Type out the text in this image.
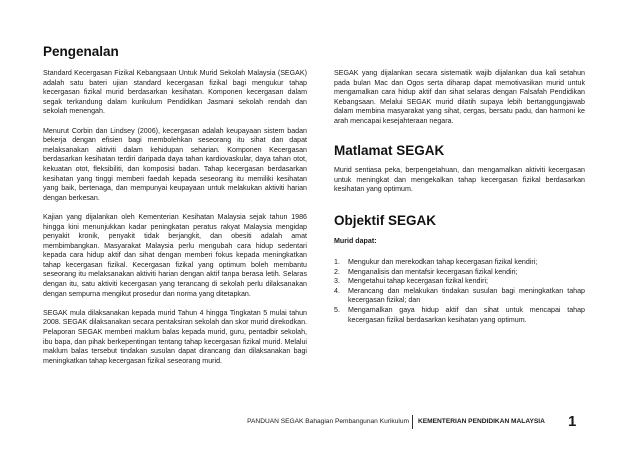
Pengenalan

Standard Kecergasan Fizikal Kebangsaan Untuk Murid Sekolah Malaysia (SEGAK) adalah satu bateri ujian standard kecergasan fizikal bagi mengukur tahap kecergasan fizikal murid berdasarkan kesihatan. Komponen kecergasan dalam segak terkandung dalam kurikulum Pendidikan Jasmani sekolah rendah dan sekolah menengah.

Menurut Corbin dan Lindsey (2006), kecergasan adalah keupayaan sistem badan bekerja dengan efisien bagi membolehkan seseorang itu sihat dan dapat melaksanakan aktiviti dalam kehidupan seharian. Komponen Kecergasan berdasarkan kesihatan terdiri daripada daya tahan kardiovaskular, daya tahan otot, kekuatan otot, fleksibiliti, dan komposisi badan. Tahap kecergasan berdasarkan kesihatan yang tinggi memberi faedah kepada seseorang itu memiliki kesihatan yang baik, bertenaga, dan mempunyai keupayaan untuk melakukan aktiviti harian dengan berkesan.

Kajian yang dijalankan oleh Kementerian Kesihatan Malaysia sejak tahun 1986 hingga kini menunjukkan kadar peningkatan peratus rakyat Malaysia mengidap penyakit kronik, penyakit tidak berjangkit, dan obesiti adalah amat membimbangkan. Masyarakat Malaysia perlu mengubah cara hidup sedentari kepada cara hidup aktif dan sihat dengan memberi fokus kepada meningkatkan tahap kecergasan fizikal. Kecergasan fizikal yang optimum boleh membantu seseorang itu melaksanakan aktiviti harian dengan aktif tanpa berasa letih. Selaras dengan itu, satu aktiviti kecergasan yang terancang di sekolah perlu dilaksanakan dengan sempurna mengikut prosedur dan norma yang ditetapkan.

SEGAK mula dilaksanakan kepada murid Tahun 4 hingga Tingkatan 5 mulai tahun 2008. SEGAK dilaksanakan secara pentaksiran sekolah dan skor murid direkodkan. Pelaporan SEGAK memberi maklum balas kepada murid, guru, pentadbir sekolah, ibu bapa, dan pihak berkepentingan tentang tahap kecergasan fizikal murid. Melalui maklum balas tersebut tindakan susulan dapat dirancang dan dilaksanakan bagi meningkatkan tahap kecergasan fizikal seseorang murid.

SEGAK yang dijalankan secara sistematik wajib dijalankan dua kali setahun pada bulan Mac dan Ogos serta diharap dapat memotivasikan murid untuk mengamalkan cara hidup aktif dan sihat selaras dengan Falsafah Pendidikan Kebangsaan. Melalui SEGAK murid dilatih supaya lebih bertanggungjawab dalam membina masyarakat yang sihat, cergas, bersatu padu, dan harmoni ke arah mencapai kesejahteraan negara.

Matlamat SEGAK

Murid sentiasa peka, berpengetahuan, dan mengamalkan aktiviti kecergasan untuk meningkat dan mengekalkan tahap kecergasan fizikal berdasarkan kesihatan yang optimum.

Objektif SEGAK

Murid dapat:

1. Mengukur dan merekodkan tahap kecergasan fizikal kendiri;
2. Menganalisis dan mentafsir kecergasan fizikal kendiri;
3. Mengetahui tahap kecergasan fizikal kendiri;
4. Merancang dan melakukan tindakan susulan bagi meningkatkan tahap kecergasan fizikal; dan
5. Mengamalkan gaya hidup aktif dan sihat untuk mencapai tahap kecergasan fizikal berdasarkan kesihatan yang optimum.
PANDUAN SEGAK Bahagian Pembangunan Kurikulum KEMENTERIAN PENDIDIKAN MALAYSIA 1
